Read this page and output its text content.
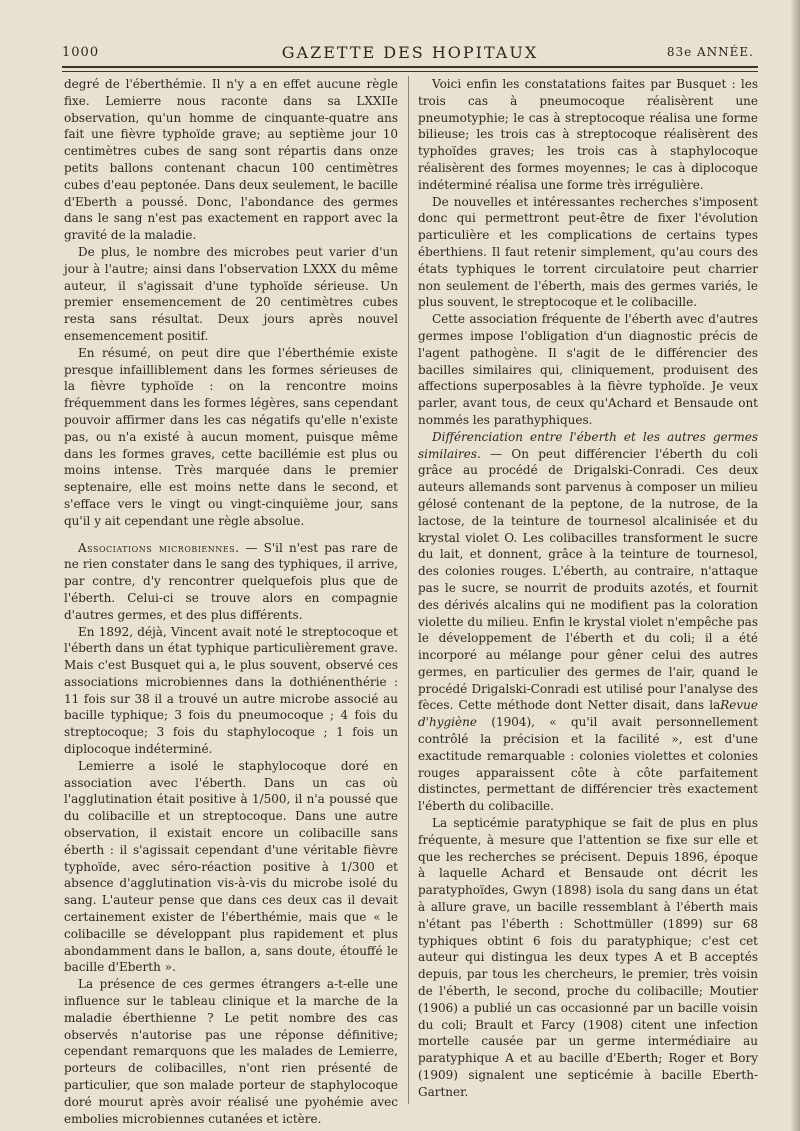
1000	GAZETTE DES HOPITAUX	83e ANNÉE.

degré de l'éberthémie. Il n'y a en effet aucune règle fixe. Lemierre nous raconte dans sa LXXIIe observation, qu'un homme de cinquante-quatre ans fait une fièvre typhoïde grave; au septième jour 10 centimètres cubes de sang sont répartis dans onze petits ballons contenant chacun 100 centimètres cubes d'eau peptonée. Dans deux seulement, le bacille d'Eberth a poussé. Donc, l'abondance des germes dans le sang n'est pas exactement en rapport avec la gravité de la maladie.

De plus, le nombre des microbes peut varier d'un jour à l'autre; ainsi dans l'observation LXXX du même auteur, il s'agissait d'une typhoïde sérieuse. Un premier ensemencement de 20 centimètres cubes resta sans résultat. Deux jours après nouvel ensemencement positif.

En résumé, on peut dire que l'éberthémie existe presque infailliblement dans les formes sérieuses de la fièvre typhoïde : on la rencontre moins fréquemment dans les formes légères, sans cependant pouvoir affirmer dans les cas négatifs qu'elle n'existe pas, ou n'a existé à aucun moment, puisque même dans les formes graves, cette bacillémie est plus ou moins intense. Très marquée dans le premier septenaire, elle est moins nette dans le second, et s'efface vers le vingt ou vingt-cinquième jour, sans qu'il y ait cependant une règle absolue.

Associations microbiennes. — S'il n'est pas rare de ne rien constater dans le sang des typhiques, il arrive, par contre, d'y rencontrer quelquefois plus que de l'éberth. Celui-ci se trouve alors en compagnie d'autres germes, et des plus différents.

En 1892, déjà, Vincent avait noté le streptocoque et l'éberth dans un état typhique particulièrement grave. Mais c'est Busquet qui a, le plus souvent, observé ces associations microbiennes dans la dothiénenthérie : 11 fois sur 38 il a trouvé un autre microbe associé au bacille typhique; 3 fois du pneumocoque ; 4 fois du streptocoque; 3 fois du staphylocoque ; 1 fois un diplocoque indéterminé.

Lemierre a isolé le staphylocoque doré en association avec l'éberth. Dans un cas où l'agglutination était positive à 1/500, il n'a poussé que du colibacille et un streptocoque. Dans une autre observation, il existait encore un colibacille sans éberth : il s'agissait cependant d'une véritable fièvre typhoïde, avec séro-réaction positive à 1/300 et absence d'agglutination vis-à-vis du microbe isolé du sang. L'auteur pense que dans ces deux cas il devait certainement exister de l'éberthémie, mais que « le colibacille se développant plus rapidement et plus abondamment dans le ballon, a, sans doute, étouffé le bacille d'Eberth ».

La présence de ces germes étrangers a-t-elle une influence sur le tableau clinique et la marche de la maladie éberthienne ? Le petit nombre des cas observés n'autorise pas une réponse définitive; cependant remarquons que les malades de Lemierre, porteurs de colibacilles, n'ont rien présenté de particulier, que son malade porteur de staphylocoque doré mourut après avoir réalisé une pyohémie avec embolies microbiennes cutanées et ictère.

Voici enfin les constatations faites par Busquet : les trois cas à pneumocoque réalisèrent une pneumotyphie; le cas à streptocoque réalisa une forme bilieuse; les trois cas à streptocoque réalisèrent des typhoïdes graves; les trois cas à staphylocoque réalisèrent des formes moyennes; le cas à diplocoque indéterminé réalisa une forme très irrégulière.

De nouvelles et intéressantes recherches s'imposent donc qui permettront peut-être de fixer l'évolution particulière et les complications de certains types éberthiens. Il faut retenir simplement, qu'au cours des états typhiques le torrent circulatoire peut charrier non seulement de l'éberth, mais des germes variés, le plus souvent, le streptocoque et le colibacille.

Cette association fréquente de l'éberth avec d'autres germes impose l'obligation d'un diagnostic précis de l'agent pathogène. Il s'agit de le différencier des bacilles similaires qui, cliniquement, produisent des affections superposables à la fièvre typhoïde. Je veux parler, avant tous, de ceux qu'Achard et Bensaude ont nommés les parathyphiques.

Différenciation entre l'éberth et les autres germes similaires. — On peut différencier l'éberth du coli grâce au procédé de Drigalski-Conradi. Ces deux auteurs allemands sont parvenus à composer un milieu gélosé contenant de la peptone, de la nutrose, de la lactose, de la teinture de tournesol alcalinisée et du krystal violet O. Les colibacilles transforment le sucre du lait, et donnent, grâce à la teinture de tournesol, des colonies rouges. L'éberth, au contraire, n'attaque pas le sucre, se nourrit de produits azotés, et fournit des dérivés alcalins qui ne modifient pas la coloration violette du milieu. Enfin le krystal violet n'empêche pas le développement de l'éberth et du coli; il a été incorporé au mélange pour gêner celui des autres germes, en particulier des germes de l'air, quand le procédé Drigalski-Conradi est utilisé pour l'analyse des fèces. Cette méthode dont Netter disait, dans laRevue d'hygiène (1904), « qu'il avait personnellement contrôlé la précision et la facilité », est d'une exactitude remarquable : colonies violettes et colonies rouges apparaissent côte à côte parfaitement distinctes, permettant de différencier très exactement l'éberth du colibacille.

La septicémie paratyphique se fait de plus en plus fréquente, à mesure que l'attention se fixe sur elle et que les recherches se précisent. Depuis 1896, époque à laquelle Achard et Bensaude ont décrit les paratyphoïdes, Gwyn (1898) isola du sang dans un état à allure grave, un bacille ressemblant à l'éberth mais n'étant pas l'éberth : Schottmüller (1899) sur 68 typhiques obtint 6 fois du paratyphique; c'est cet auteur qui distingua les deux types A et B acceptés depuis, par tous les chercheurs, le premier, très voisin de l'éberth, le second, proche du colibacille; Moutier (1906) a publié un cas occasionné par un bacille voisin du coli; Brault et Farcy (1908) citent une infection mortelle causée par un germe intermédiaire au paratyphique A et au bacille d'Eberth; Roger et Bory (1909) signalent une septicémie à bacille Eberth-Gartner.
